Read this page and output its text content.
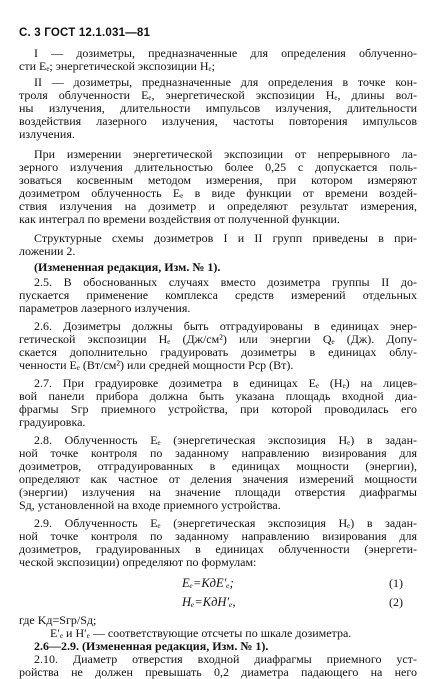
С. 3 ГОСТ 12.1.031—81
I — дозиметры, предназначенные для определения облученно-
сти Eₑ; энергетической экспозиции Hₑ;
II — дозиметры, предназначенные для определения в точке кон-
троля облученности Eₑ, энергетической экспозиции Hₑ, длины вол-
ны излучения, длительности импульсов излучения, длительности
воздействия лазерного излучения, частоты повторения импульсов
излучения.
При измерении энергетической экспозиции от непрерывного ла-
зерного излучения длительностью более 0,25 с допускается поль-
зоваться косвенным методом измерения, при котором измеряют
дозиметром облученность Eₑ в виде функции от времени воздей-
ствия излучения на дозиметр и определяют результат измерения,
как интеграл по времени воздействия от полученной функции.
Структурные схемы дозиметров I и II групп приведены в при-
ложении 2.
(Измененная редакция, Изм. № 1).
2.5. В обоснованных случаях вместо дозиметра группы II до-
пускается применение комплекса средств измерений отдельных
параметров лазерного излучения.
2.6. Дозиметры должны быть отградуированы в единицах энер-
гетической экспозиции Hₑ (Дж/см²) или энергии Qₑ (Дж). Допу-
скается дополнительно градуировать дозиметры в единицах облу-
ченности Eₑ (Вт/см²) или средней мощности Pср (Вт).
2.7. При градуировке дозиметра в единицах Eₑ (Hₑ) на лицев-
вой панели прибора должна быть указана площадь входной диа-
фрагмы Sгр приемного устройства, при которой проводилась его
градуировка.
2.8. Облученность Eₑ (энергетическая экспозиция Hₑ) в задан-
ной точке контроля по заданному направлению визирования для
дозиметров, отградуированных в единицах мощности (энергии),
определяют как частное от деления значения измерений мощности
(энергии) излучения на значение площади отверстия диафрагмы
Sд, установленной на входе приемного устройства.
2.9. Облученность Eₑ (энергетическая экспозиция Hₑ) в задан-
ной точке контроля по заданному направлению визирования для
дозиметров, градуированных в единицах облученности (энергети-
ческой экспозиции) определяют по формулам:
Eₑ=KдE′ₑ;	(1)
Hₑ=KдH′ₑ,	(2)
где Kд=Sгр/Sд;
E′ₑ и H′ₑ — соответствующие отсчеты по шкале дозиметра.
2.6—2.9. (Измененная редакция, Изм. № 1).
2.10. Диаметр отверстия входной диафрагмы приемного уст-
ройства не должен превышать 0,2 диаметра падающего на него
